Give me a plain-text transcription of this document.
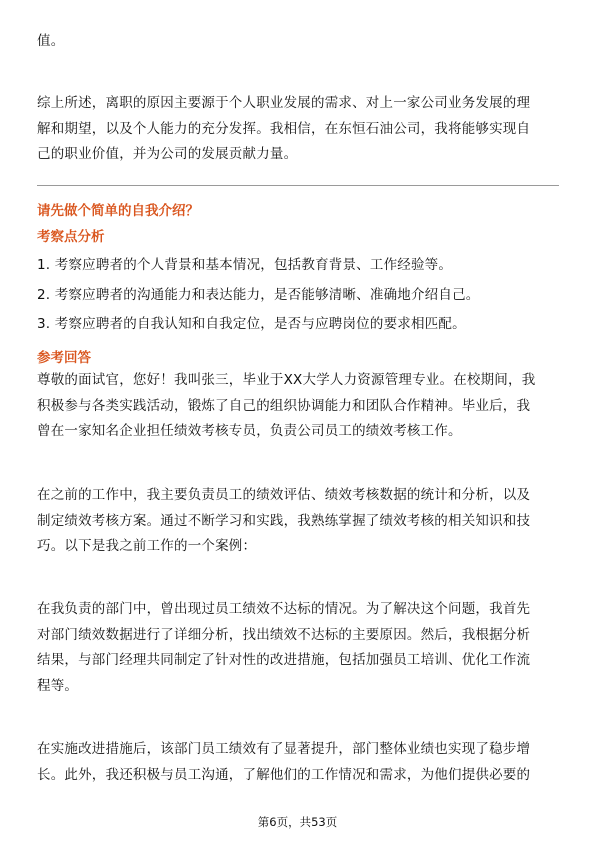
值。
综上所述，离职的原因主要源于个人职业发展的需求、对上一家公司业务发展的理
解和期望，以及个人能力的充分发挥。我相信，在东恒石油公司，我将能够实现自
己的职业价值，并为公司的发展贡献力量。
请先做个简单的自我介绍？
考察点分析
1. 考察应聘者的个人背景和基本情况，包括教育背景、工作经验等。
2. 考察应聘者的沟通能力和表达能力，是否能够清晰、准确地介绍自己。
3. 考察应聘者的自我认知和自我定位，是否与应聘岗位的要求相匹配。
参考回答
尊敬的面试官，您好！我叫张三，毕业于XX大学人力资源管理专业。在校期间，我
积极参与各类实践活动，锻炼了自己的组织协调能力和团队合作精神。毕业后，我
曾在一家知名企业担任绩效考核专员，负责公司员工的绩效考核工作。
在之前的工作中，我主要负责员工的绩效评估、绩效考核数据的统计和分析，以及
制定绩效考核方案。通过不断学习和实践，我熟练掌握了绩效考核的相关知识和技
巧。以下是我之前工作的一个案例：
在我负责的部门中，曾出现过员工绩效不达标的情况。为了解决这个问题，我首先
对部门绩效数据进行了详细分析，找出绩效不达标的主要原因。然后，我根据分析
结果，与部门经理共同制定了针对性的改进措施，包括加强员工培训、优化工作流
程等。
在实施改进措施后，该部门员工绩效有了显著提升，部门整体业绩也实现了稳步增
长。此外，我还积极与员工沟通，了解他们的工作情况和需求，为他们提供必要的
第6页，共53页
